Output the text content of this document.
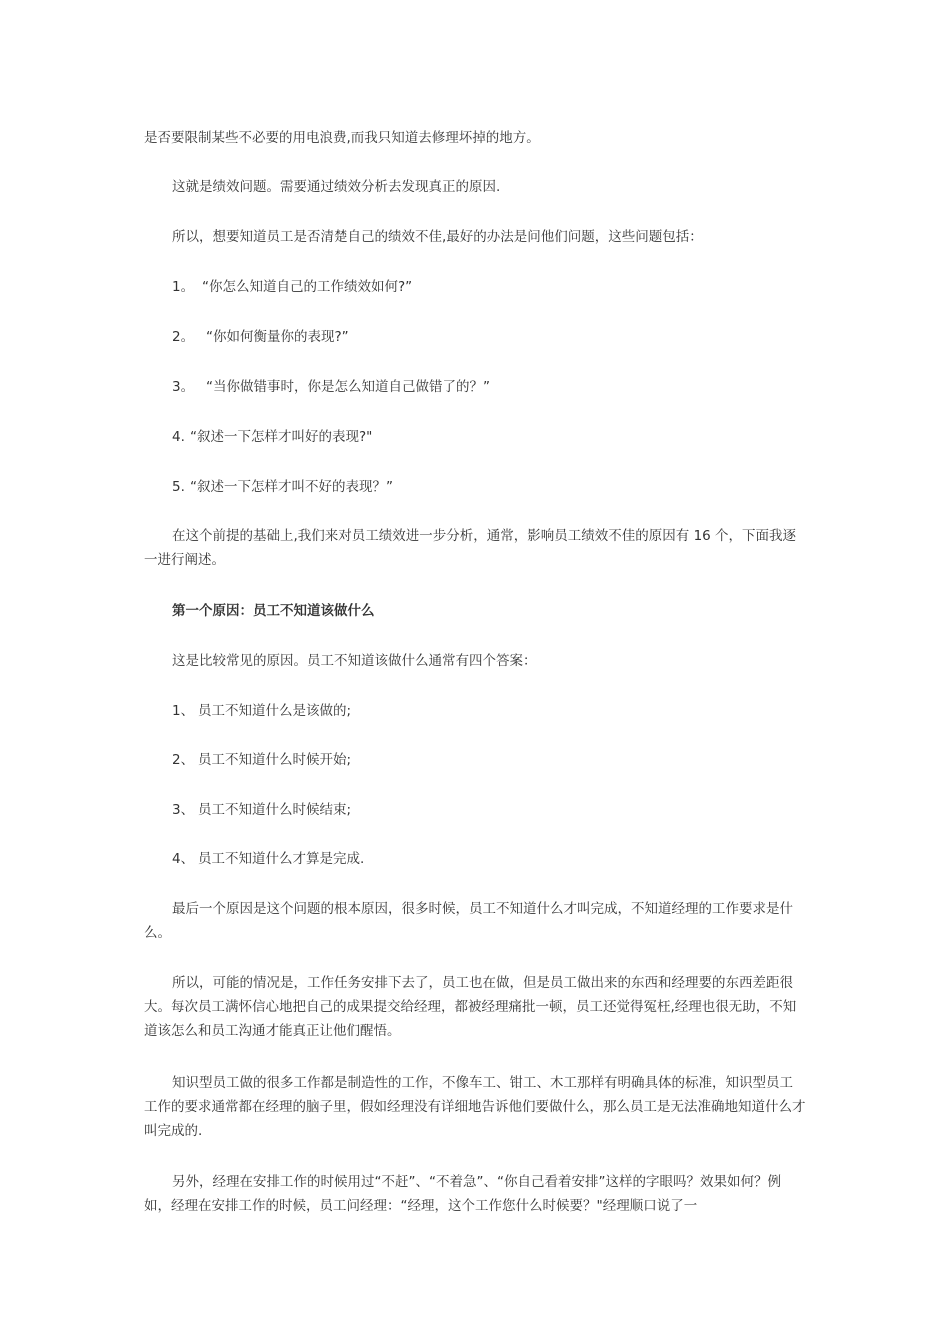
是否要限制某些不必要的用电浪费,而我只知道去修理坏掉的地方。

这就是绩效问题。需要通过绩效分析去发现真正的原因.

所以，想要知道员工是否清楚自己的绩效不佳,最好的办法是问他们问题，这些问题包括：

1。 “你怎么知道自己的工作绩效如何?”

2。 “你如何衡量你的表现?”

3。 “当你做错事时，你是怎么知道自己做错了的？”

4. “叙述一下怎样才叫好的表现?"

5. “叙述一下怎样才叫不好的表现？”

在这个前提的基础上,我们来对员工绩效进一步分析，通常，影响员工绩效不佳的原因有 16 个，下面我逐一进行阐述。

第一个原因：员工不知道该做什么

这是比较常见的原因。员工不知道该做什么通常有四个答案：

1、 员工不知道什么是该做的;

2、 员工不知道什么时候开始;

3、 员工不知道什么时候结束;

4、 员工不知道什么才算是完成.

最后一个原因是这个问题的根本原因，很多时候，员工不知道什么才叫完成，不知道经理的工作要求是什么。

所以，可能的情况是，工作任务安排下去了，员工也在做，但是员工做出来的东西和经理要的东西差距很大。每次员工满怀信心地把自己的成果提交给经理，都被经理痛批一顿，员工还觉得冤枉,经理也很无助，不知道该怎么和员工沟通才能真正让他们醒悟。

知识型员工做的很多工作都是制造性的工作，不像车工、钳工、木工那样有明确具体的标准，知识型员工工作的要求通常都在经理的脑子里，假如经理没有详细地告诉他们要做什么，那么员工是无法准确地知道什么才叫完成的.

另外，经理在安排工作的时候用过“不赶”、“不着急”、“你自己看着安排”这样的字眼吗？效果如何？例如，经理在安排工作的时候，员工问经理：“经理，这个工作您什么时候要？"经理顺口说了一
